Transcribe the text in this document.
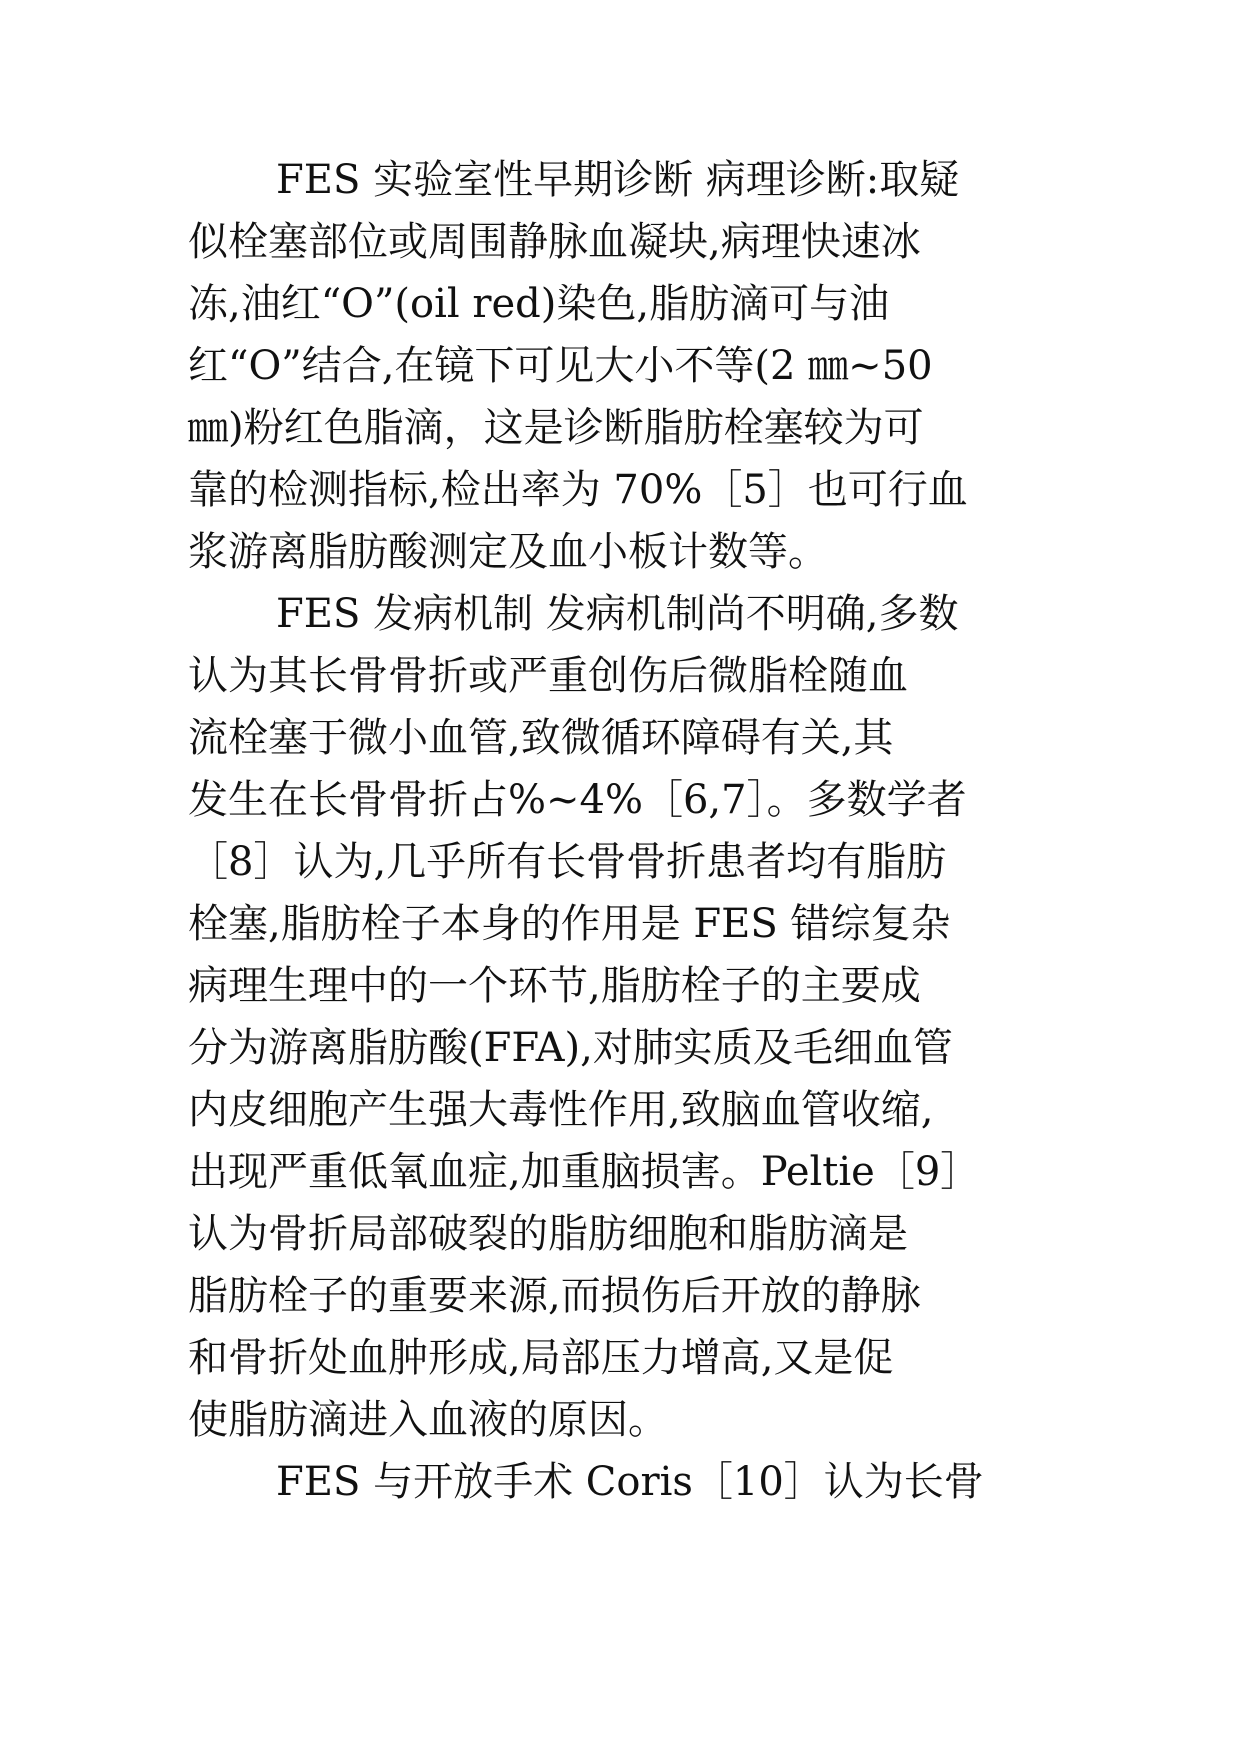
FES 实验室性早期诊断 病理诊断:取疑
似栓塞部位或周围静脉血凝块,病理快速冰
冻,油红“O”(oil red)染色,脂肪滴可与油
红“O”结合,在镜下可见大小不等(2 ㎜~50
㎜)粉红色脂滴，这是诊断脂肪栓塞较为可
靠的检测指标,检出率为 70%［5］也可行血
浆游离脂肪酸测定及血小板计数等。
FES 发病机制 发病机制尚不明确,多数
认为其长骨骨折或严重创伤后微脂栓随血
流栓塞于微小血管,致微循环障碍有关,其
发生在长骨骨折占%~4%［6,7］。多数学者
［8］认为,几乎所有长骨骨折患者均有脂肪
栓塞,脂肪栓子本身的作用是 FES 错综复杂
病理生理中的一个环节,脂肪栓子的主要成
分为游离脂肪酸(FFA),对肺实质及毛细血管
内皮细胞产生强大毒性作用,致脑血管收缩,
出现严重低氧血症,加重脑损害。Peltie［9］
认为骨折局部破裂的脂肪细胞和脂肪滴是
脂肪栓子的重要来源,而损伤后开放的静脉
和骨折处血肿形成,局部压力增高,又是促
使脂肪滴进入血液的原因。
FES 与开放手术 Coris［10］认为长骨
